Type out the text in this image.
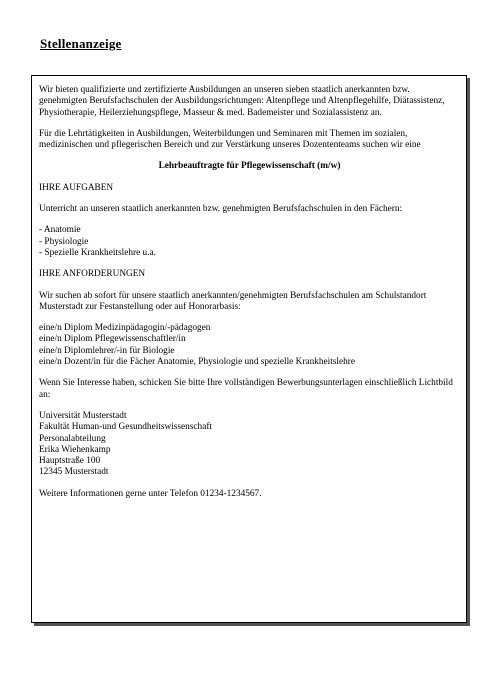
Stellenanzeige

Wir bieten qualifizierte und zertifizierte Ausbildungen an unseren sieben staatlich anerkannten bzw. genehmigten Berufsfachschulen der Ausbildungsrichtungen: Altenpflege und Altenpflegehilfe, Diätassistenz, Physiotherapie, Heilerziehungspflege, Masseur & med. Bademeister und Sozialassistenz an.

Für die Lehrtätigkeiten in Ausbildungen, Weiterbildungen und Seminaren mit Themen im sozialen, medizinischen und pflegerischen Bereich und zur Verstärkung unseres Dozententeams suchen wir eine

Lehrbeauftragte für Pflegewissenschaft (m/w)

IHRE AUFGABEN

Unterricht an unseren staatlich anerkannten bzw. genehmigten Berufsfachschulen in den Fächern:

- Anatomie
- Physiologie
- Spezielle Krankheitslehre u.a.

IHRE ANFORDERUNGEN

Wir suchen ab sofort für unsere staatlich anerkannten/genehmigten Berufsfachschulen am Schulstandort Musterstadt zur Festanstellung oder auf Honorarbasis:

eine/n Diplom Medizinpädagogin/-pädagogen
eine/n Diplom Pflegewissenschaftler/in
eine/n Diplomlehrer/-in für Biologie
eine/n Dozent/in für die Fächer Anatomie, Physiologie und spezielle Krankheitslehre

Wenn Sie Interesse haben, schicken Sie bitte Ihre vollständigen Bewerbungsunterlagen einschließlich Lichtbild an:

Universität Musterstadt
Fakultät Human-und Gesundheitswissenschaft
Personalabteilung
Erika Wiehenkamp
Hauptstraße 100
12345 Musterstadt

Weitere Informationen gerne unter Telefon 01234-1234567.
